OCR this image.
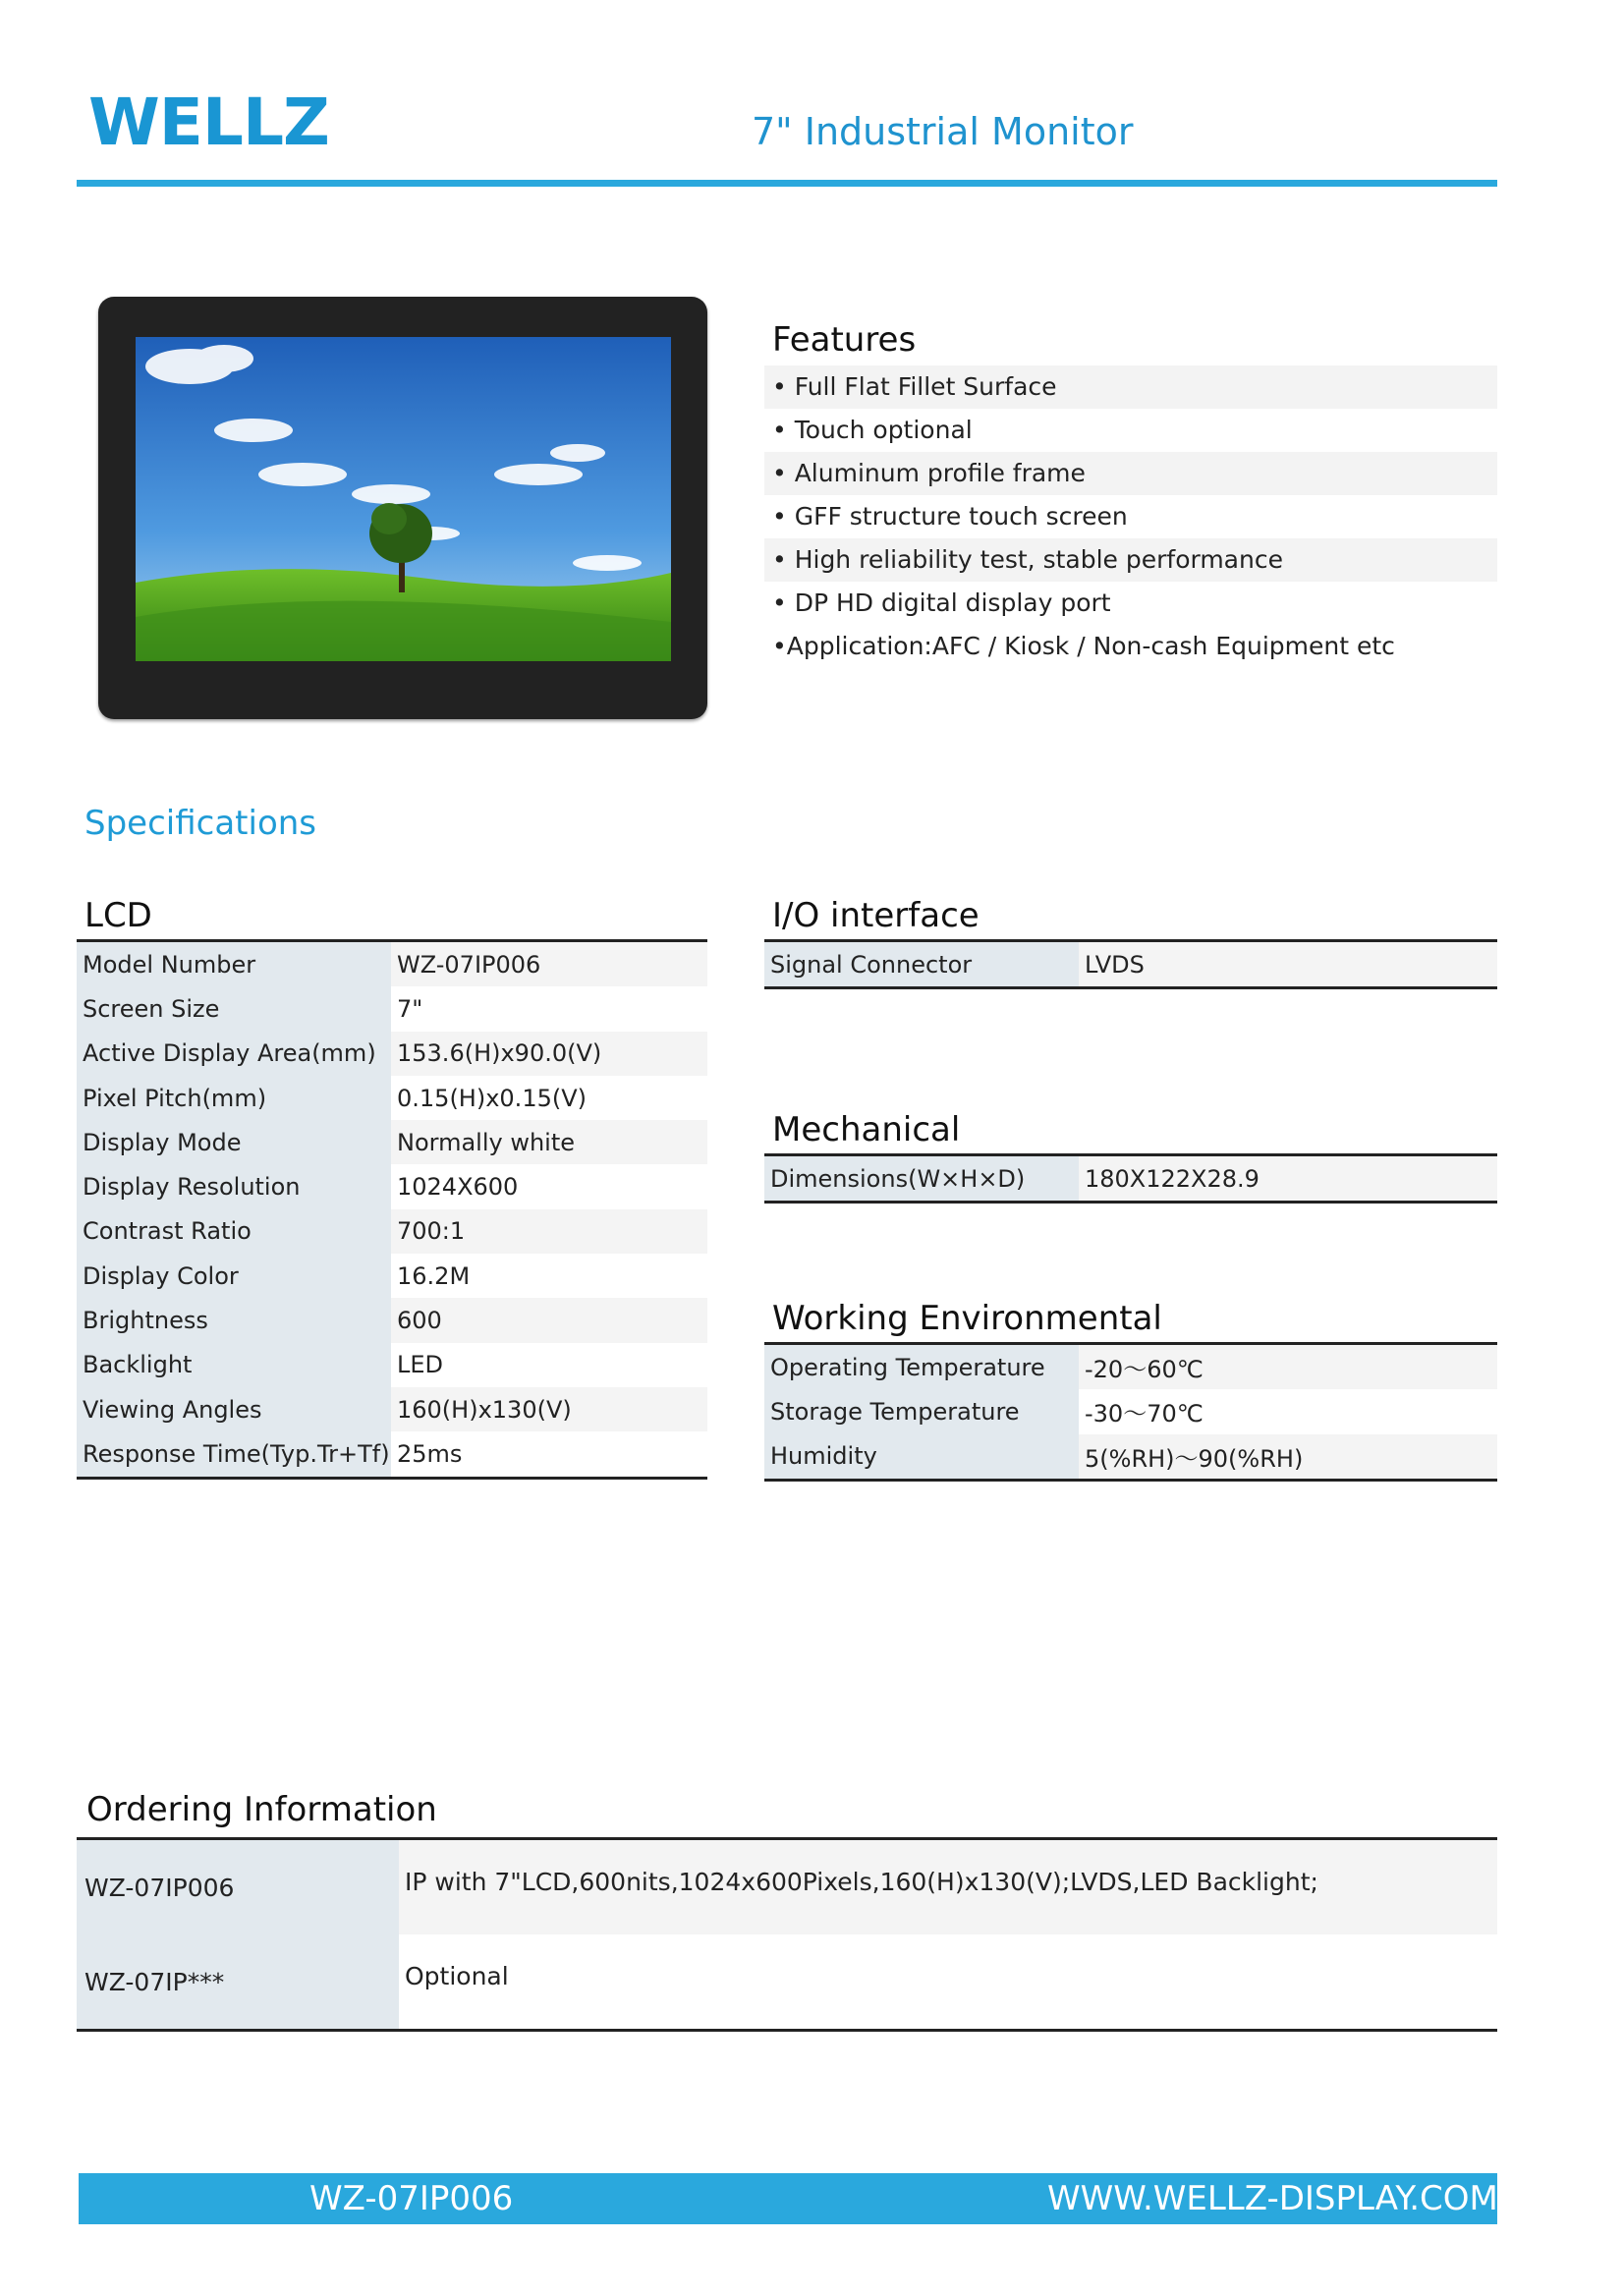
WELLZ	7" Industrial Monitor
Features
• Full Flat Fillet Surface
• Touch optional
• Aluminum profile frame
• GFF structure touch screen
• High reliability test, stable performance
• DP HD digital display port
•Application:AFC / Kiosk / Non-cash Equipment etc
Specifications
LCD
Model Number	WZ-07IP006
Screen Size	7"
Active Display Area(mm)	153.6(H)x90.0(V)
Pixel Pitch(mm)	0.15(H)x0.15(V)
Display Mode	Normally white
Display Resolution	1024X600
Contrast Ratio	700:1
Display Color	16.2M
Brightness	600
Backlight	LED
Viewing Angles	160(H)x130(V)
Response Time(Typ.Tr+Tf)	25ms
I/O interface
Signal Connector	LVDS
Mechanical
Dimensions(W×H×D)	180X122X28.9
Working Environmental
Operating Temperature	-20～60℃
Storage Temperature	-30～70℃
Humidity	5(%RH)～90(%RH)
Ordering Information
WZ-07IP006	IP with 7"LCD,600nits,1024x600Pixels,160(H)x130(V);LVDS,LED Backlight;
WZ-07IP***	Optional
WZ-07IP006	WWW.WELLZ-DISPLAY.COM
